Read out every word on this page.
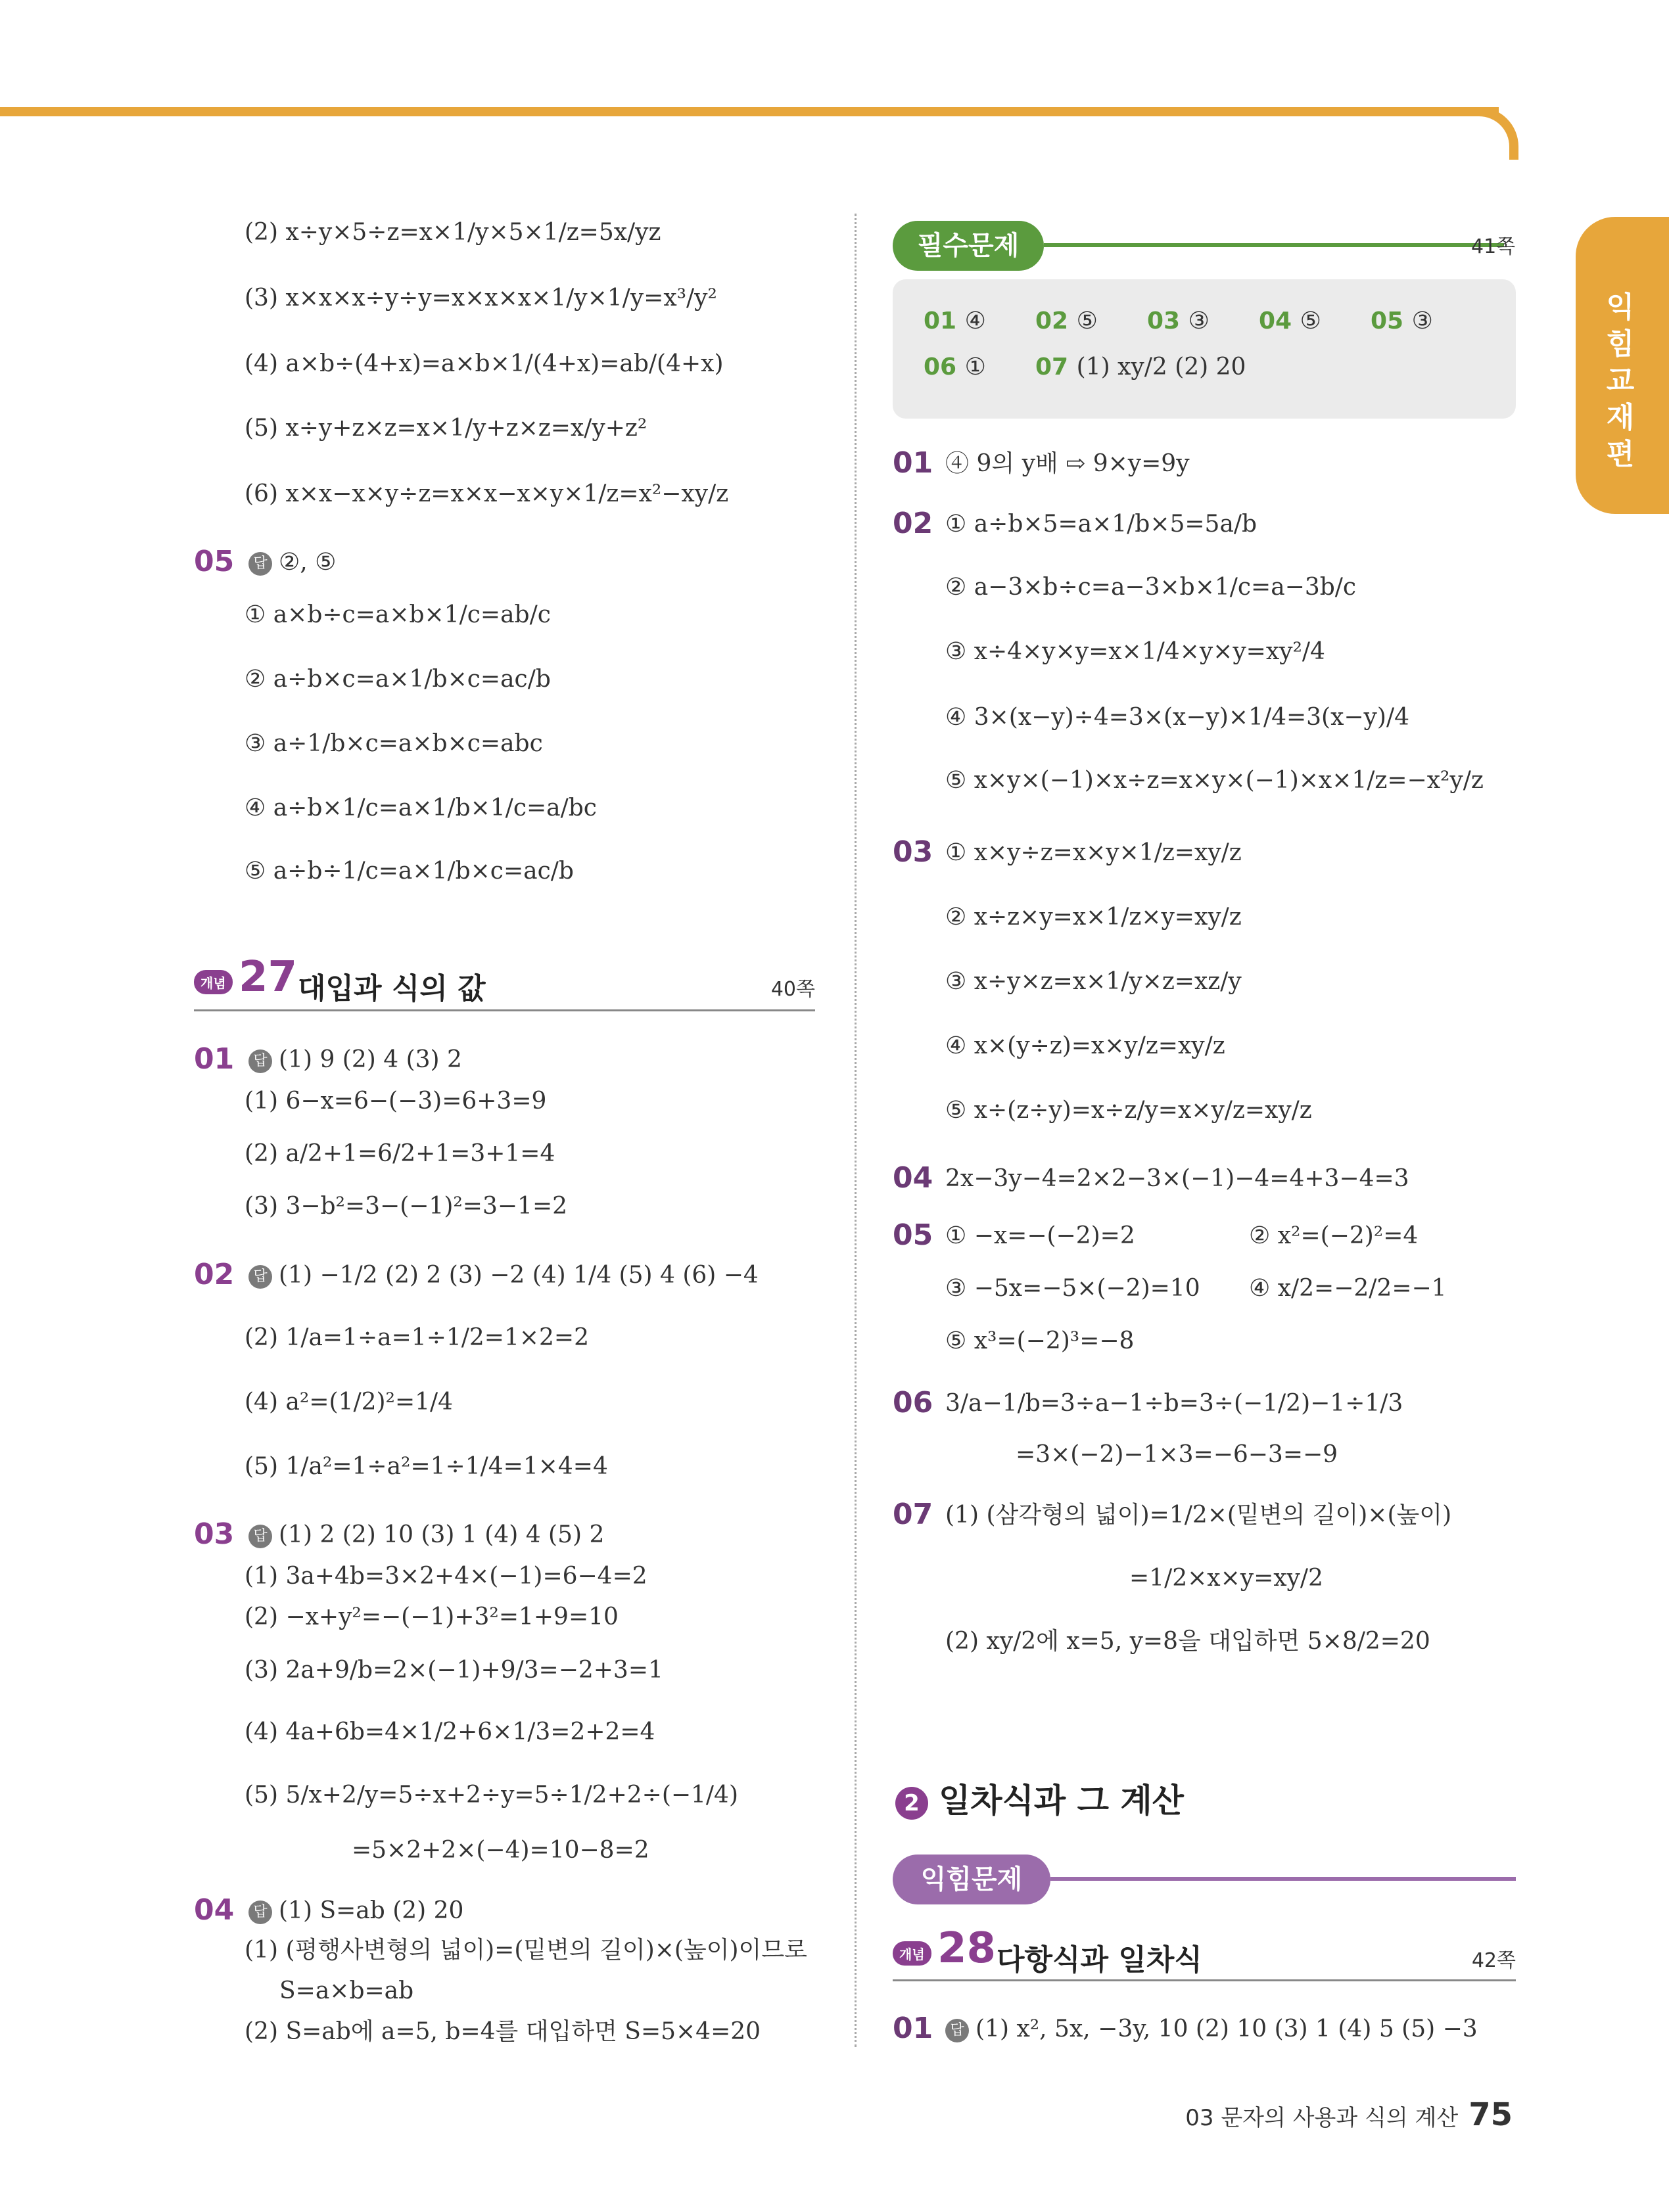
익힘교재편
(2) x÷y×5÷z=x×1/y×5×1/z=5x/yz
(3) x×x×x÷y÷y=x×x×x×1/y×1/y=x³/y²
(4) a×b÷(4+x)=a×b×1/(4+x)=ab/(4+x)
(5) x÷y+z×z=x×1/y+z×z=x/y+z²
(6) x×x−x×y÷z=x×x−x×y×1/z=x²−xy/z
05	답 ②, ⑤
① a×b÷c=a×b×1/c=ab/c
② a÷b×c=a×1/b×c=ac/b
③ a÷1/b×c=a×b×c=abc
④ a÷b×1/c=a×1/b×1/c=a/bc
⑤ a÷b÷1/c=a×1/b×c=ac/b
개념 27 대입과 식의 값	40쪽
01	답 (1) 9 (2) 4 (3) 2
(1) 6−x=6−(−3)=6+3=9
(2) a/2+1=6/2+1=3+1=4
(3) 3−b²=3−(−1)²=3−1=2
02	답 (1) −1/2 (2) 2 (3) −2 (4) 1/4 (5) 4 (6) −4
(2) 1/a=1÷a=1÷1/2=1×2=2
(4) a²=(1/2)²=1/4
(5) 1/a²=1÷a²=1÷1/4=1×4=4
03	답 (1) 2 (2) 10 (3) 1 (4) 4 (5) 2
(1) 3a+4b=3×2+4×(−1)=6−4=2
(2) −x+y²=−(−1)+3²=1+9=10
(3) 2a+9/b=2×(−1)+9/3=−2+3=1
(4) 4a+6b=4×1/2+6×1/3=2+2=4
(5) 5/x+2/y=5÷x+2÷y=5÷1/2+2÷(−1/4)
=5×2+2×(−4)=10−8=2
04	답 (1) S=ab (2) 20
(1) (평행사변형의 넓이)=(밑변의 길이)×(높이)이므로
S=a×b=ab
(2) S=ab에 a=5, b=4를 대입하면 S=5×4=20
필수문제	41쪽
01 ④ 02 ⑤ 03 ③ 04 ⑤ 05 ③
06 ① 07 (1) xy/2 (2) 20
01 ④ 9의 y배 ⇨ 9×y=9y
02 ① a÷b×5=a×1/b×5=5a/b
② a−3×b÷c=a−3×b×1/c=a−3b/c
③ x÷4×y×y=x×1/4×y×y=xy²/4
④ 3×(x−y)÷4=3×(x−y)×1/4=3(x−y)/4
⑤ x×y×(−1)×x÷z=x×y×(−1)×x×1/z=−x²y/z
03 ① x×y÷z=x×y×1/z=xy/z
② x÷z×y=x×1/z×y=xy/z
③ x÷y×z=x×1/y×z=xz/y
④ x×(y÷z)=x×y/z=xy/z
⑤ x÷(z÷y)=x÷z/y=x×y/z=xy/z
04 2x−3y−4=2×2−3×(−1)−4=4+3−4=3
05 ① −x=−(−2)=2	② x²=(−2)²=4
③ −5x=−5×(−2)=10 ④ x/2=−2/2=−1
⑤ x³=(−2)³=−8
06 3/a−1/b=3÷a−1÷b=3÷(−1/2)−1÷1/3
=3×(−2)−1×3=−6−3=−9
07 (1) (삼각형의 넓이)=1/2×(밑변의 길이)×(높이)
=1/2×x×y=xy/2
(2) xy/2에 x=5, y=8을 대입하면 5×8/2=20
2 일차식과 그 계산
익힘문제
개념 28 다항식과 일차식	42쪽
01	답 (1) x², 5x, −3y, 10 (2) 10 (3) 1 (4) 5 (5) −3
03 문자의 사용과 식의 계산 75
